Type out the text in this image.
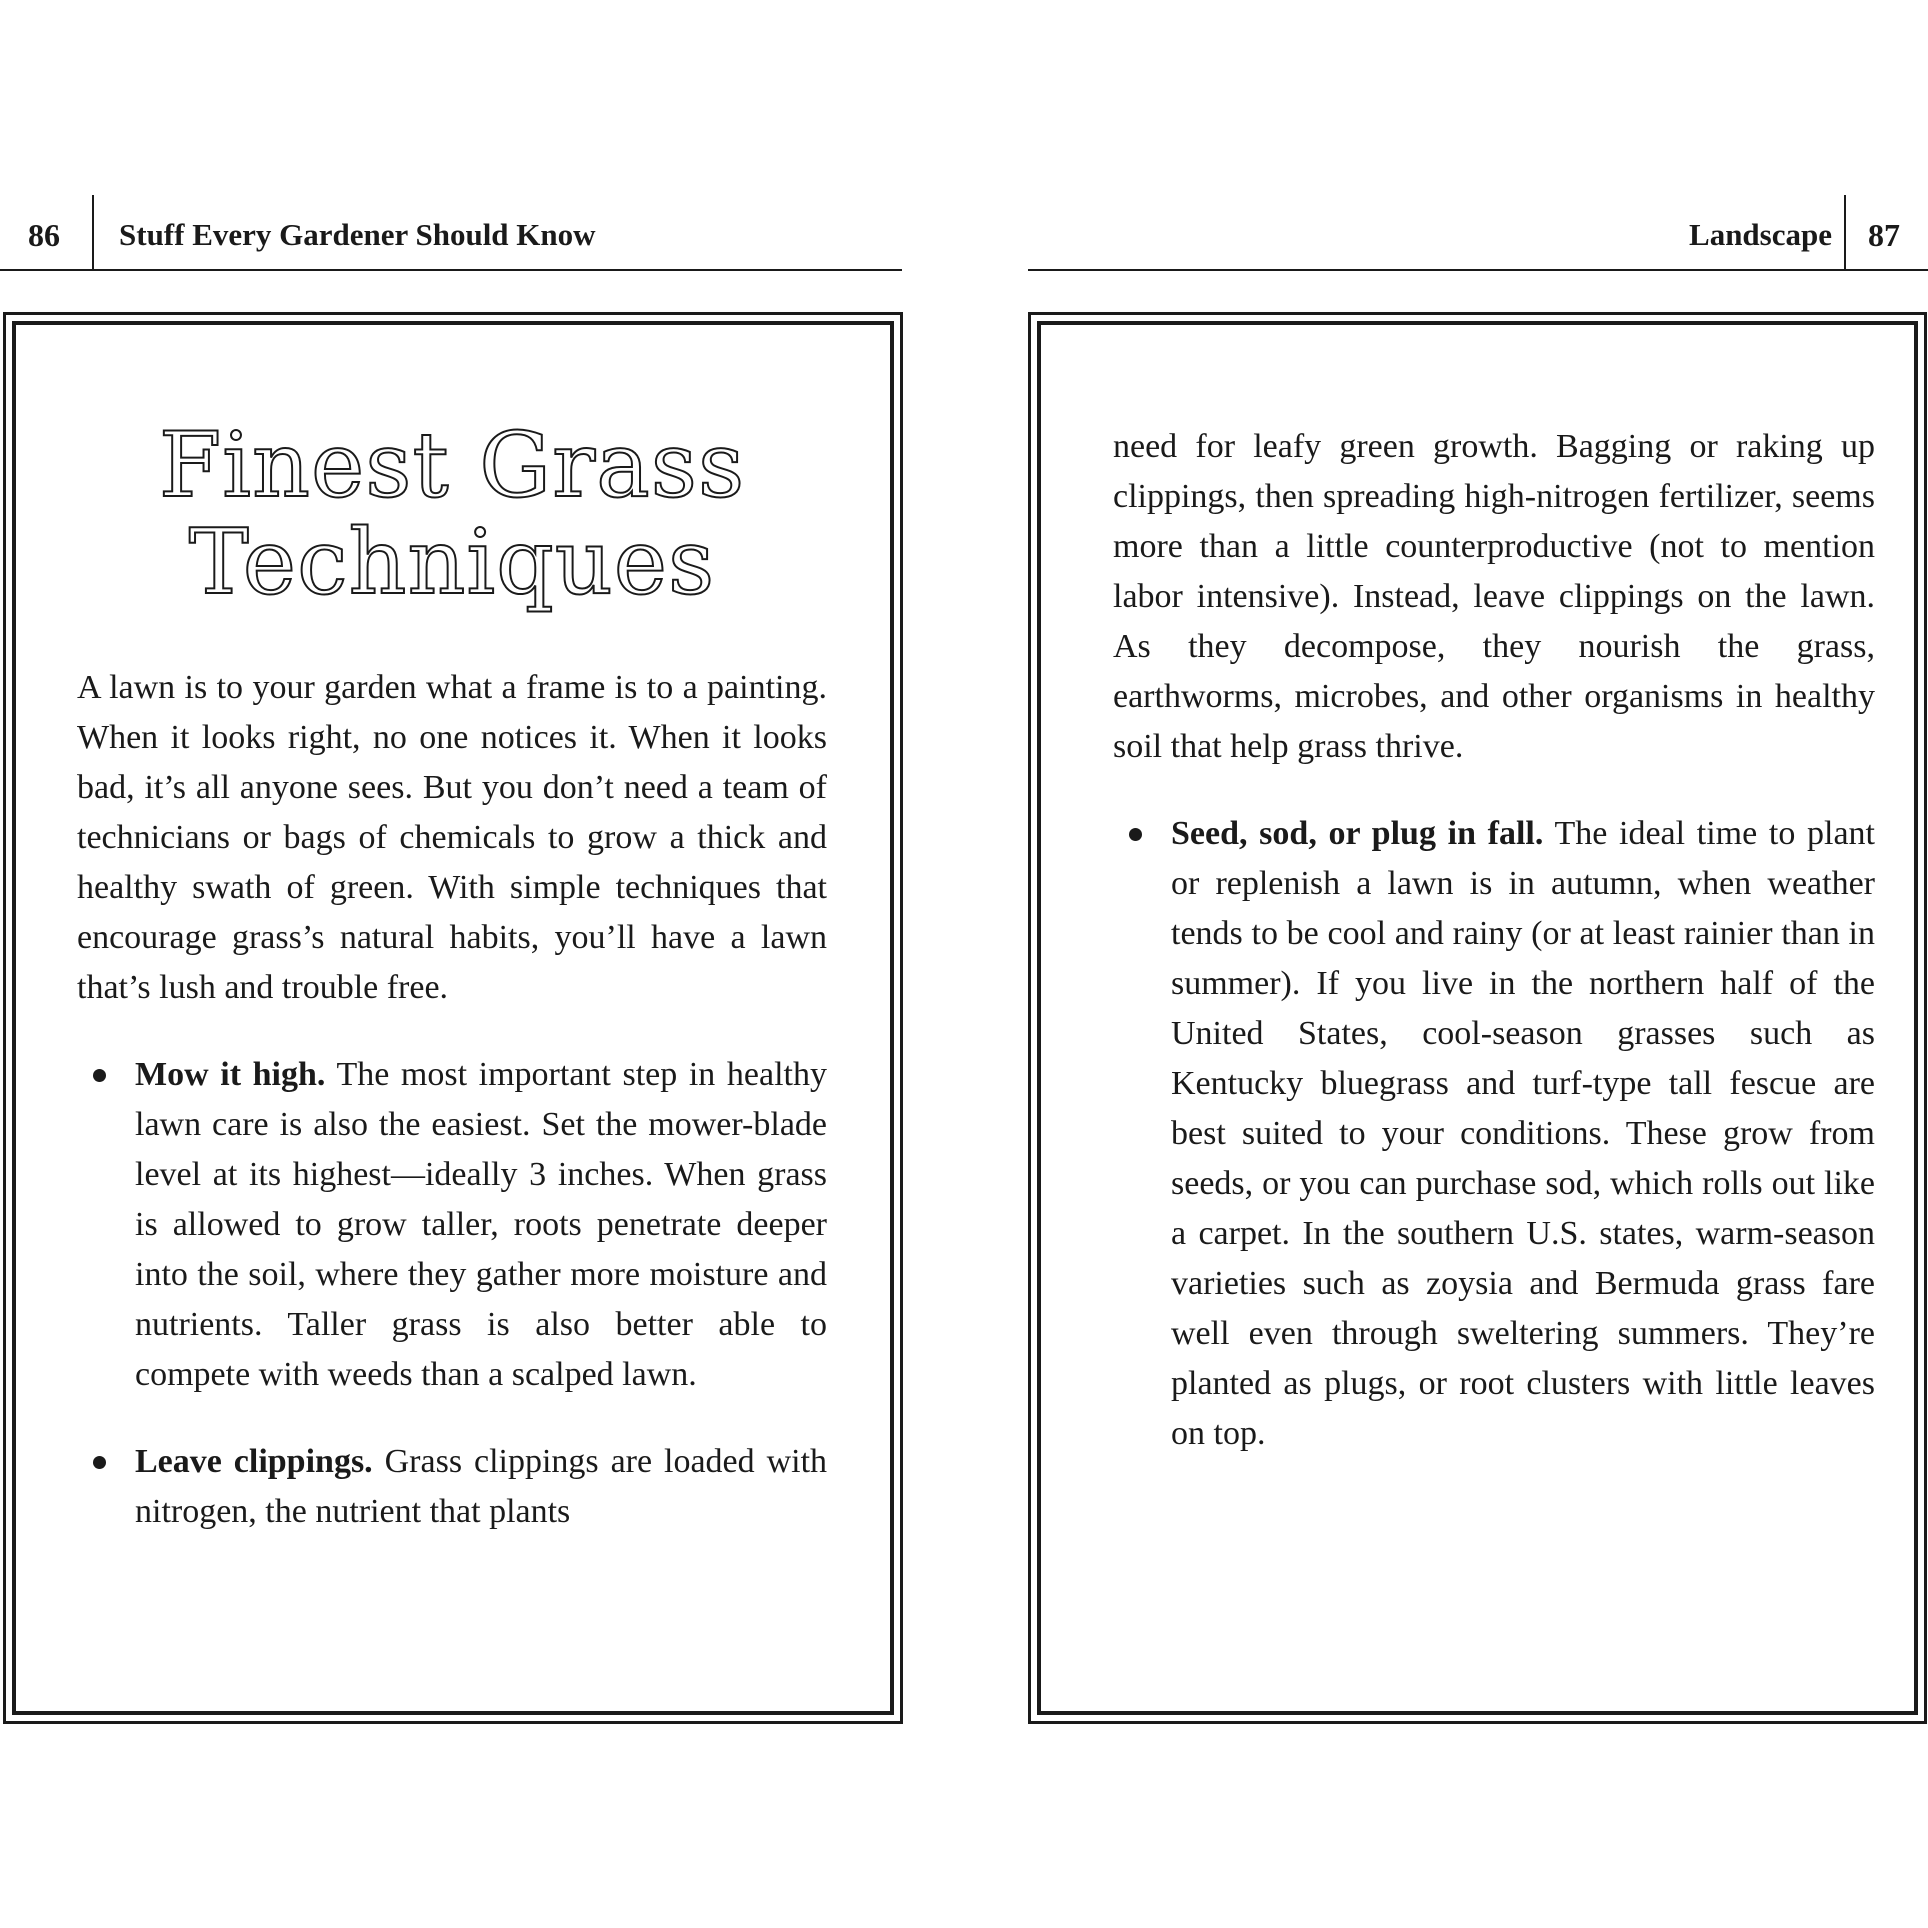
86 Stuff Every Gardener Should Know	Landscape 87
Finest Grass
Techniques

A lawn is to your garden what a frame is to a painting. When it looks right, no one notices it. When it looks bad, it’s all anyone sees. But you don’t need a team of technicians or bags of chemicals to grow a thick and healthy swath of green. With simple techniques that encourage grass’s natural habits, you’ll have a lawn that’s lush and trouble free.

Mow it high. The most important step in healthy lawn care is also the easiest. Set the mower-blade level at its highest—ideally 3 inches. When grass is allowed to grow taller, roots penetrate deeper into the soil, where they gather more moisture and nutrients. Taller grass is also better able to compete with weeds than a scalped lawn.

Leave clippings. Grass clippings are loaded with nitrogen, the nutrient that plants

need for leafy green growth. Bagging or raking up clippings, then spreading high-nitrogen fertilizer, seems more than a little counterproductive (not to mention labor intensive). Instead, leave clippings on the lawn. As they decompose, they nourish the grass, earthworms, microbes, and other organisms in healthy soil that help grass thrive.

Seed, sod, or plug in fall. The ideal time to plant or replenish a lawn is in autumn, when weather tends to be cool and rainy (or at least rainier than in summer). If you live in the northern half of the United States, cool-season grasses such as Kentucky bluegrass and turf-type tall fescue are best suited to your conditions. These grow from seeds, or you can purchase sod, which rolls out like a carpet. In the southern U.S. states, warm-season varieties such as zoysia and Bermuda grass fare well even through sweltering summers. They’re planted as plugs, or root clusters with little leaves on top.
